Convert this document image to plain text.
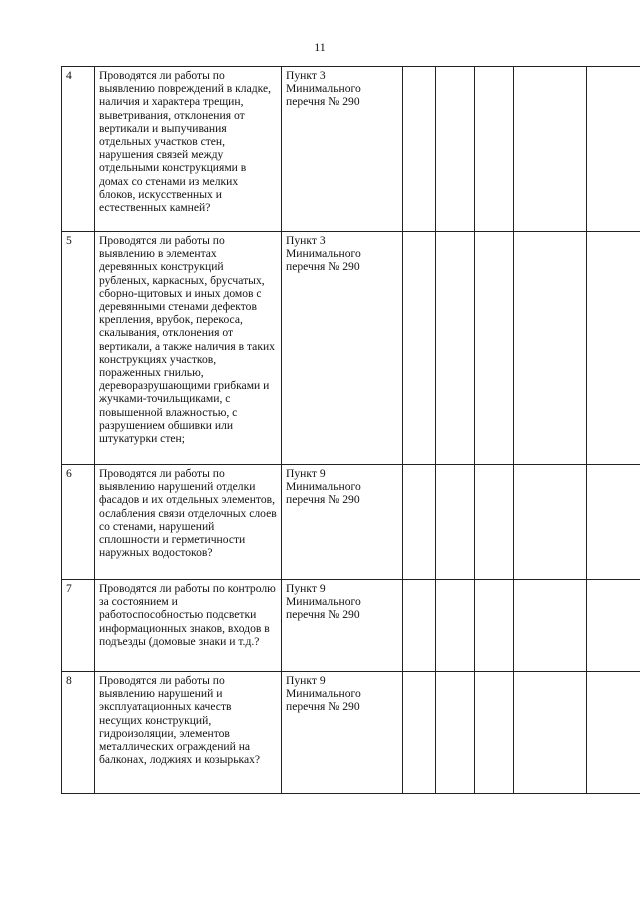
11
4	Проводятся ли работы по выявлению повреждений в кладке, наличия и характера трещин, выветривания, отклонения от вертикали и выпучивания отдельных участков стен, нарушения связей между отдельными конструкциями в домах со стенами из мелких блоков, искусственных и естественных камней?	Пункт 3 Минимального перечня № 290					
5	Проводятся ли работы по выявлению в элементах деревянных конструкций рубленых, каркасных, брусчатых, сборно-щитовых и иных домов с деревянными стенами дефектов крепления, врубок, перекоса, скалывания, отклонения от вертикали, а также наличия в таких конструкциях участков, пораженных гнилью, дереворазрушающими грибками и жучками-точильщиками, с повышенной влажностью, с разрушением обшивки или штукатурки стен;	Пункт 3 Минимального перечня № 290					
6	Проводятся ли работы по выявлению нарушений отделки фасадов и их отдельных элементов, ослабления связи отделочных слоев со стенами, нарушений сплошности и герметичности наружных водостоков?	Пункт 9 Минимального перечня № 290					
7	Проводятся ли работы по контролю за состоянием и работоспособностью подсветки информационных знаков, входов в подъезды (домовые знаки и т.д.?	Пункт 9 Минимального перечня № 290					
8	Проводятся ли работы по выявлению нарушений и эксплуатационных качеств несущих конструкций, гидроизоляции, элементов металлических ограждений на балконах, лоджиях и козырьках?	Пункт 9 Минимального перечня № 290					
